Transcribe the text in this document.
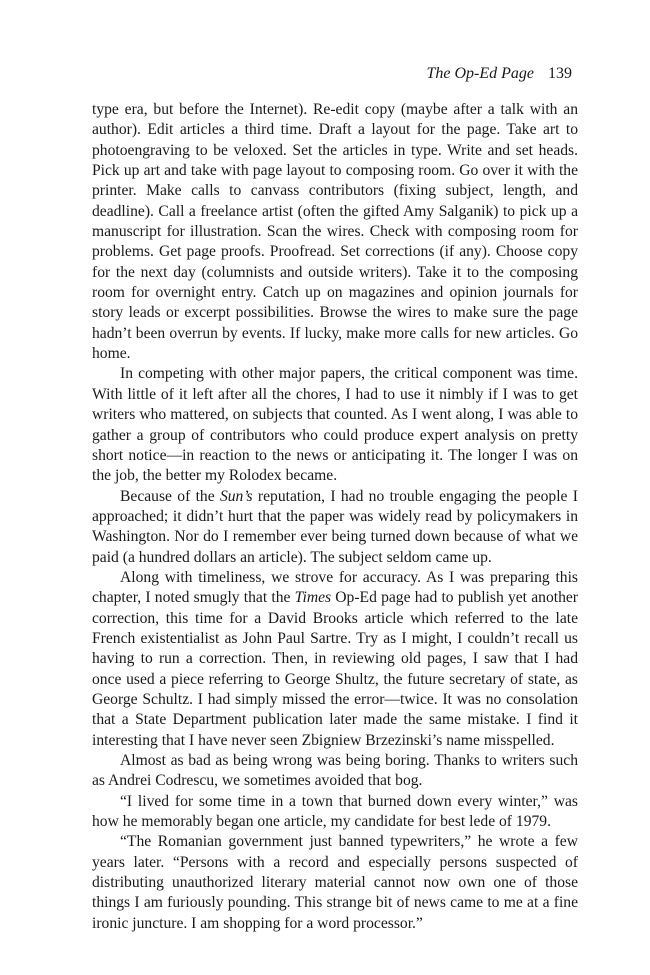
The Op-Ed Page 139

type era, but before the Internet). Re-edit copy (maybe after a talk with an author). Edit articles a third time. Draft a layout for the page. Take art to photoengraving to be veloxed. Set the articles in type. Write and set heads. Pick up art and take with page layout to composing room. Go over it with the printer. Make calls to canvass contributors (fixing subject, length, and deadline). Call a freelance artist (often the gifted Amy Salganik) to pick up a manuscript for illustration. Scan the wires. Check with composing room for problems. Get page proofs. Proofread. Set corrections (if any). Choose copy for the next day (columnists and outside writers). Take it to the composing room for overnight entry. Catch up on magazines and opinion journals for story leads or excerpt possibilities. Browse the wires to make sure the page hadn’t been overrun by events. If lucky, make more calls for new articles. Go home.

In competing with other major papers, the critical component was time. With little of it left after all the chores, I had to use it nimbly if I was to get writers who mattered, on subjects that counted. As I went along, I was able to gather a group of contributors who could produce expert analysis on pretty short notice—in reaction to the news or anticipating it. The longer I was on the job, the better my Rolodex became.

Because of the Sun’s reputation, I had no trouble engaging the people I approached; it didn’t hurt that the paper was widely read by policymakers in Washington. Nor do I remember ever being turned down because of what we paid (a hundred dollars an article). The subject seldom came up.

Along with timeliness, we strove for accuracy. As I was preparing this chapter, I noted smugly that the Times Op-Ed page had to publish yet another correction, this time for a David Brooks article which referred to the late French existentialist as John Paul Sartre. Try as I might, I couldn’t recall us having to run a correction. Then, in reviewing old pages, I saw that I had once used a piece referring to George Shultz, the future secretary of state, as George Schultz. I had simply missed the error—twice. It was no consolation that a State Department publication later made the same mistake. I find it interesting that I have never seen Zbigniew Brzezinski’s name misspelled.

Almost as bad as being wrong was being boring. Thanks to writers such as Andrei Codrescu, we sometimes avoided that bog.

“I lived for some time in a town that burned down every winter,” was how he memorably began one article, my candidate for best lede of 1979.

“The Romanian government just banned typewriters,” he wrote a few years later. “Persons with a record and especially persons suspected of distributing unauthorized literary material cannot now own one of those things I am furiously pounding. This strange bit of news came to me at a fine ironic juncture. I am shopping for a word processor.”
